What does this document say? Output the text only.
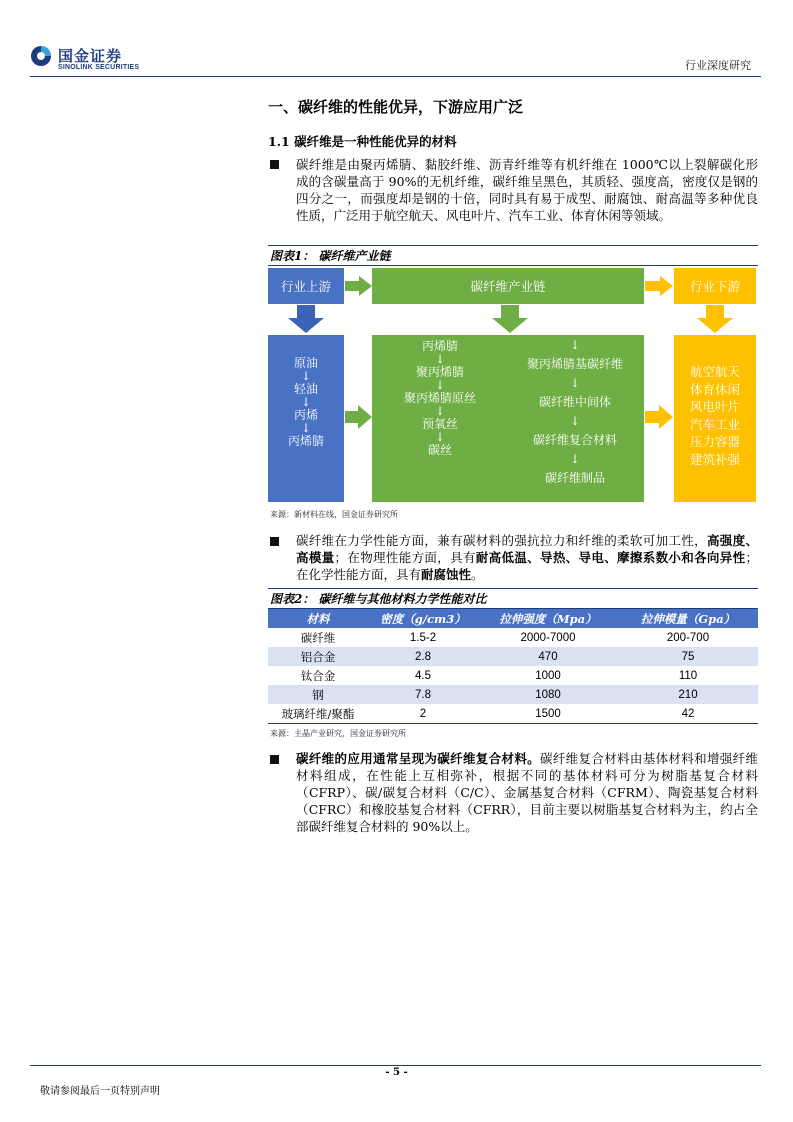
国金证券
SINOLINK SECURITIES	行业深度研究
一、碳纤维的性能优异，下游应用广泛
1.1 碳纤维是一种性能优异的材料
碳纤维是由聚丙烯腈、黏胶纤维、沥青纤维等有机纤维在 1000℃以上裂解碳化形成的含碳量高于 90%的无机纤维，碳纤维呈黑色，其质轻、强度高，密度仅是钢的四分之一，而强度却是钢的十倍，同时具有易于成型、耐腐蚀、耐高温等多种优良性质，广泛用于航空航天、风电叶片、汽车工业、体育休闲等领域。
图表1： 碳纤维产业链
行业上游	碳纤维产业链	行业下游
原油
↓
轻油
↓
丙烯
↓
丙烯腈
丙烯腈
↓
聚丙烯腈
↓
聚丙烯腈原丝
↓
预氧丝
↓
碳丝
↓
聚丙烯腈基碳纤维
↓
碳纤维中间体
↓
碳纤维复合材料
↓
碳纤维制品
航空航天
体育休闲
风电叶片
汽车工业
压力容器
建筑补强
来源：新材料在线，国金证券研究所
碳纤维在力学性能方面，兼有碳材料的强抗拉力和纤维的柔软可加工性，高强度、高模量；在物理性能方面，具有耐高低温、导热、导电、摩擦系数小和各向异性；在化学性能方面，具有耐腐蚀性。
图表2： 碳纤维与其他材料力学性能对比
材料	密度（g/cm3）	拉伸强度（Mpa）	拉伸模量（Gpa）
碳纤维	1.5-2	2000-7000	200-700
铝合金	2.8	470	75
钛合金	4.5	1000	110
钢	7.8	1080	210
玻璃纤维/聚酯	2	1500	42
来源：主晶产业研究，国金证券研究所
碳纤维的应用通常呈现为碳纤维复合材料。碳纤维复合材料由基体材料和增强纤维材料组成，在性能上互相弥补，根据不同的基体材料可分为树脂基复合材料（CFRP）、碳/碳复合材料（C/C）、金属基复合材料（CFRM）、陶瓷基复合材料（CFRC）和橡胶基复合材料（CFRR），目前主要以树脂基复合材料为主，约占全部碳纤维复合材料的 90%以上。
- 5 -
敬请参阅最后一页特别声明
